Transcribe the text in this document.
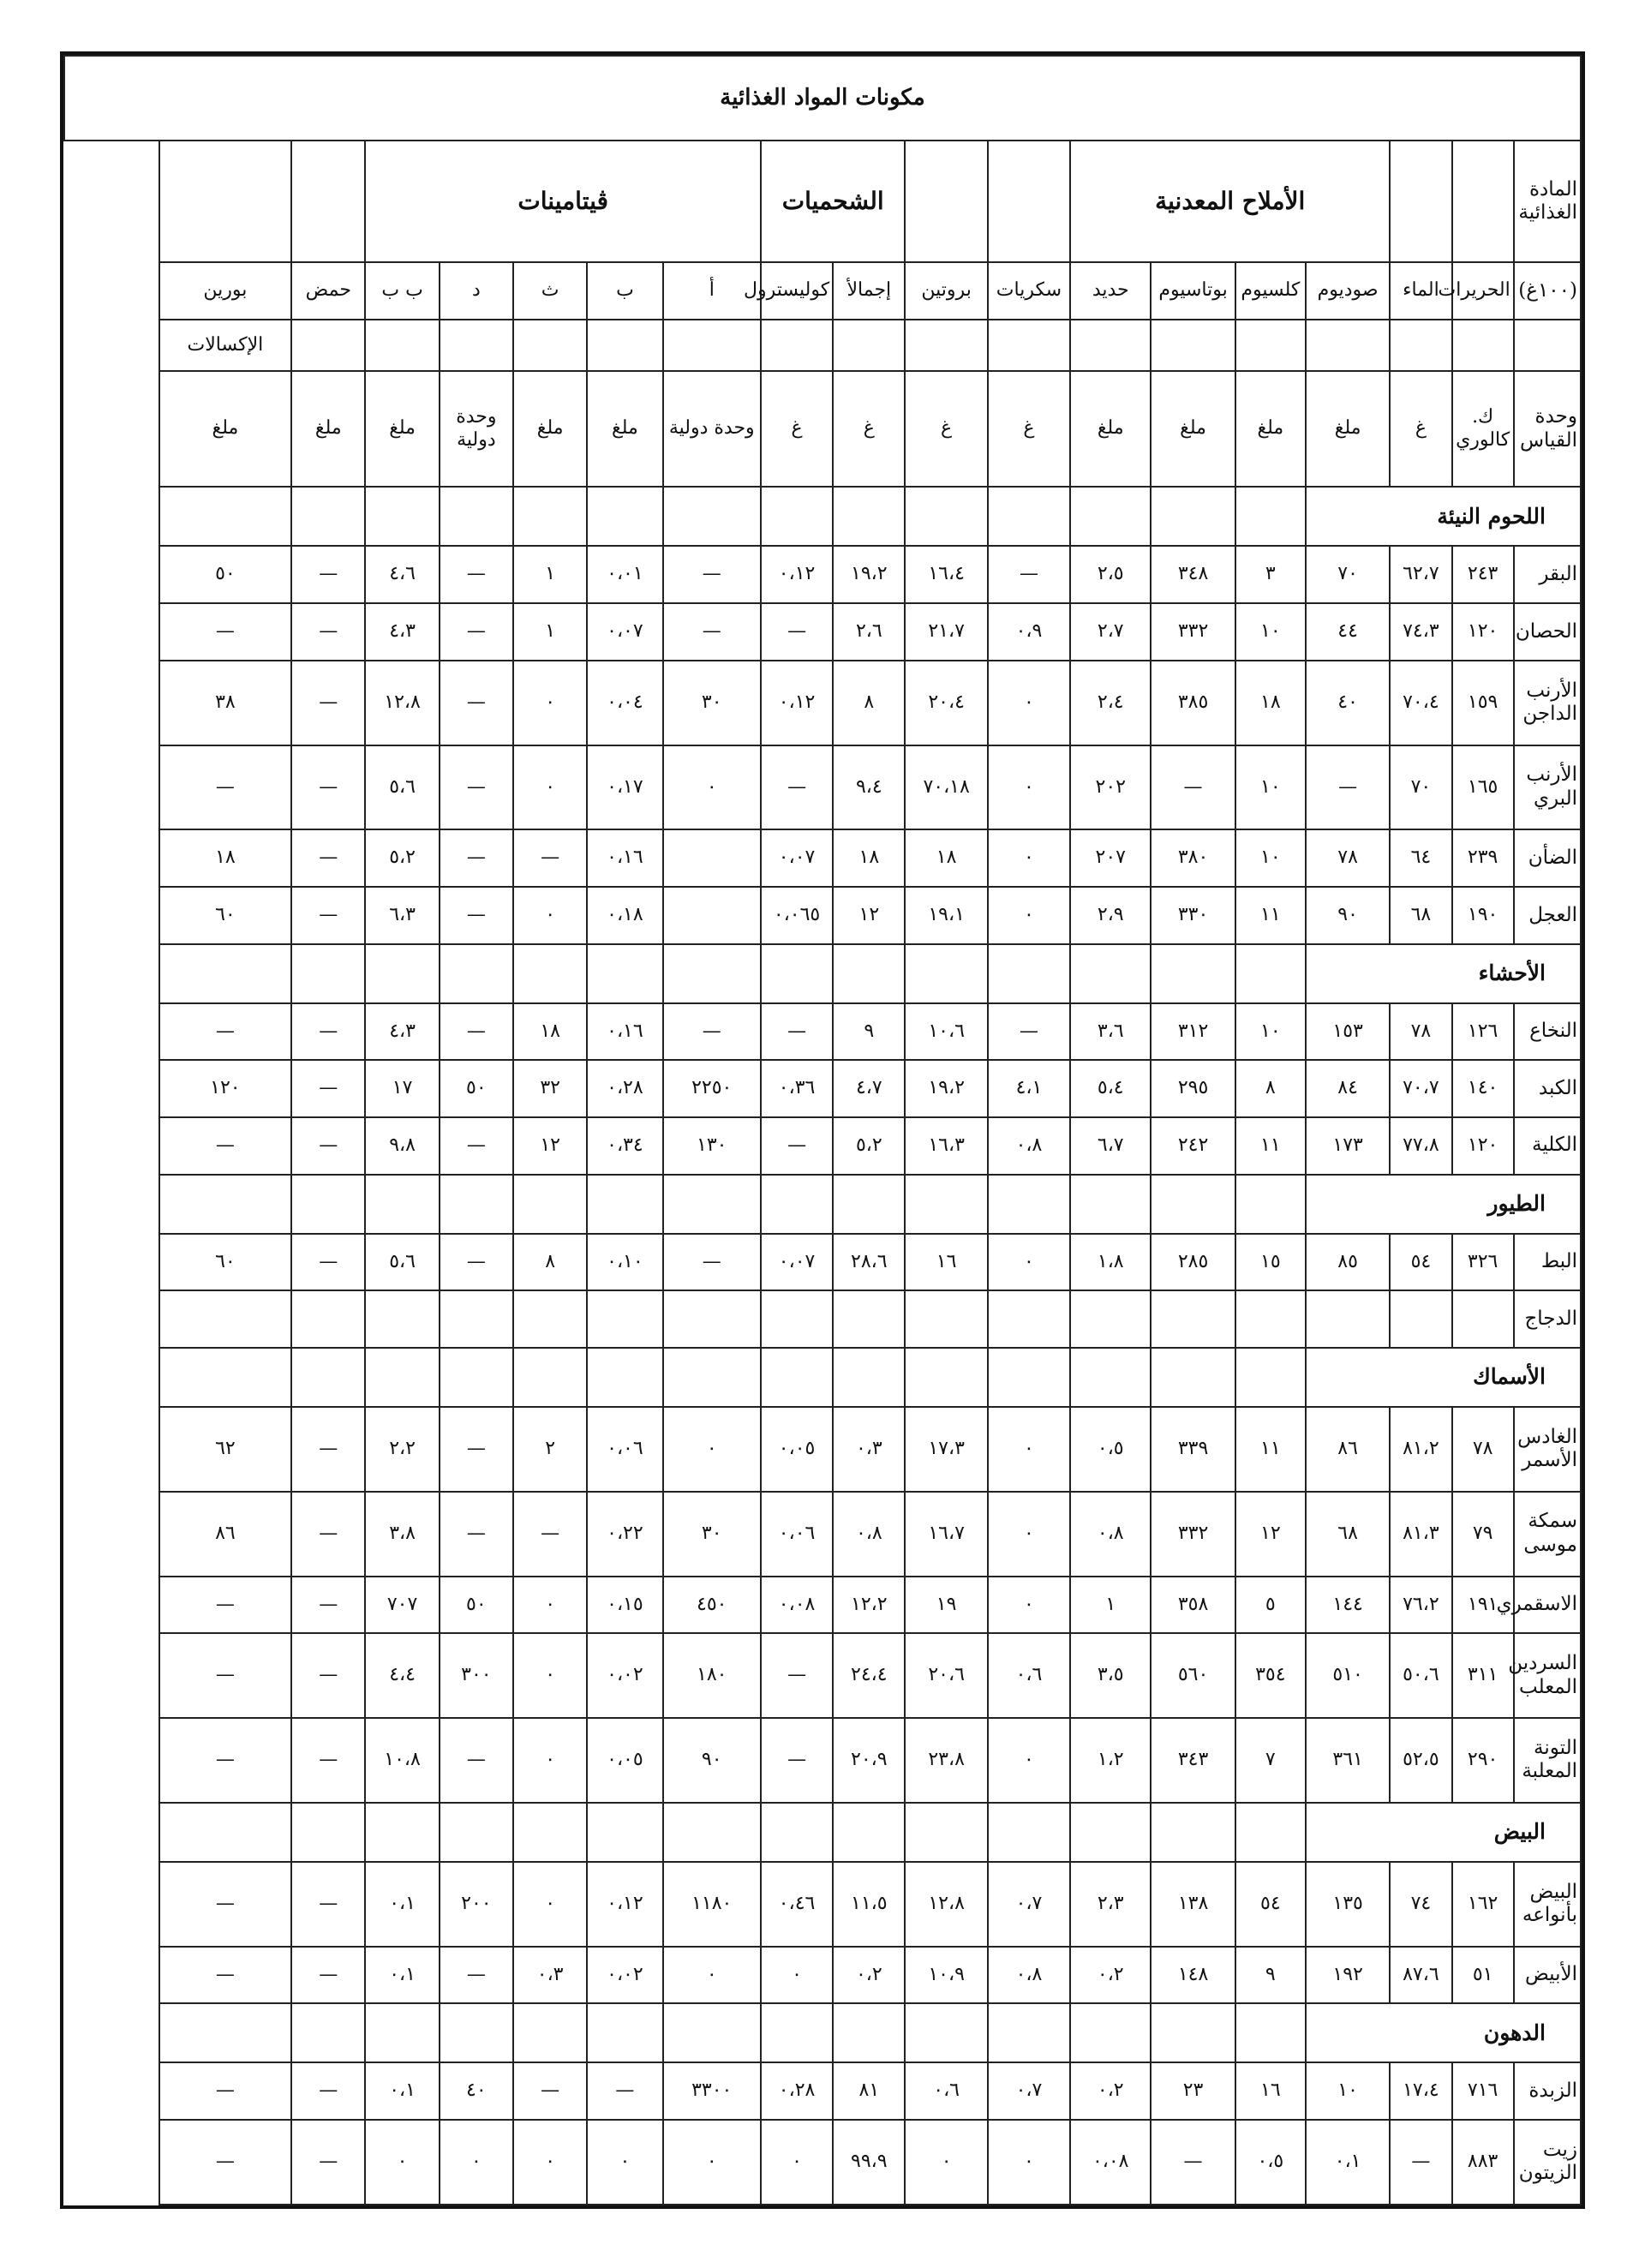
مكونات المواد الغذائية																	
المادة الغذائية			الأملاح المعدنية						الشحميات		ڤيتامينات						
(١٠٠غ)	الحريرات	الماء	صوديوم	كلسيوم	بوتاسيوم	حديد	سكريات	بروتين	إجمالأ	كوليسترول	أ	ب	ث	د	ب ب	حمض	بورين
																	الإكسالات
وحدة القياس	ك. كالوري	غ	ملغ	ملغ	ملغ	ملغ	غ	غ	غ	غ	وحدة دولية	ملغ	ملغ	وحدة دولية	ملغ	ملغ	ملغ
اللحوم النيئة																	
البقر	٢٤٣	٦٢،٧	٧٠	٣	٣٤٨	٢،٥	—	١٦،٤	١٩،٢	٠،١٢	—	٠،٠١	١	—	٤،٦	—	٥٠
الحصان	١٢٠	٧٤،٣	٤٤	١٠	٣٣٢	٢،٧	٠،٩	٢١،٧	٢،٦	—	—	٠،٠٧	١	—	٤،٣	—	—
الأرنب الداجن	١٥٩	٧٠،٤	٤٠	١٨	٣٨٥	٢،٤	٠	٢٠،٤	٨	٠،١٢	٣٠	٠،٠٤	٠	—	١٢،٨	—	٣٨
الأرنب البري	١٦٥	٧٠	—	١٠	—	٢٠٢	٠	٧٠،١٨	٩،٤	—	٠	٠،١٧	٠	—	٥،٦	—	—
الضأن	٢٣٩	٦٤	٧٨	١٠	٣٨٠	٢٠٧	٠	١٨	١٨	٠،٠٧		٠،١٦	—	—	٥،٢	—	١٨
العجل	١٩٠	٦٨	٩٠	١١	٣٣٠	٢،٩	٠	١٩،١	١٢	٠،٠٦٥		٠،١٨	٠	—	٦،٣	—	٦٠
الأحشاء																	
النخاع	١٢٦	٧٨	١٥٣	١٠	٣١٢	٣،٦	—	١٠،٦	٩	—	—	٠،١٦	١٨	—	٤،٣	—	—
الكبد	١٤٠	٧٠،٧	٨٤	٨	٢٩٥	٥،٤	٤،١	١٩،٢	٤،٧	٠،٣٦	٢٢٥٠	٠،٢٨	٣٢	٥٠	١٧	—	١٢٠
الكلية	١٢٠	٧٧،٨	١٧٣	١١	٢٤٢	٦،٧	٠،٨	١٦،٣	٥،٢	—	١٣٠	٠،٣٤	١٢	—	٩،٨	—	—
الطيور																	
البط	٣٢٦	٥٤	٨٥	١٥	٢٨٥	١،٨	٠	١٦	٢٨،٦	٠،٠٧	—	٠،١٠	٨	—	٥،٦	—	٦٠
الدجاج																	
الأسماك																	
الغادس الأسمر	٧٨	٨١،٢	٨٦	١١	٣٣٩	٠،٥	٠	١٧،٣	٠،٣	٠،٠٥	٠	٠،٠٦	٢	—	٢،٢	—	٦٢
سمكة موسى	٧٩	٨١،٣	٦٨	١٢	٣٣٢	٠،٨	٠	١٦،٧	٠،٨	٠،٠٦	٣٠	٠،٢٢	—	—	٣،٨	—	٨٦
الاسقمري	١٩١	٧٦،٢	١٤٤	٥	٣٥٨	١	٠	١٩	١٢،٢	٠،٠٨	٤٥٠	٠،١٥	٠	٥٠	٧٠٧	—	—
السردين المعلب	٣١١	٥٠،٦	٥١٠	٣٥٤	٥٦٠	٣،٥	٠،٦	٢٠،٦	٢٤،٤	—	١٨٠	٠،٠٢	٠	٣٠٠	٤،٤	—	—
التونة المعلبة	٢٩٠	٥٢،٥	٣٦١	٧	٣٤٣	١،٢	٠	٢٣،٨	٢٠،٩	—	٩٠	٠،٠٥	٠	—	١٠،٨	—	—
البيض																	
البيض بأنواعه	١٦٢	٧٤	١٣٥	٥٤	١٣٨	٢،٣	٠،٧	١٢،٨	١١،٥	٠،٤٦	١١٨٠	٠،١٢	٠	٢٠٠	٠،١	—	—
الأبيض	٥١	٨٧،٦	١٩٢	٩	١٤٨	٠،٢	٠،٨	١٠،٩	٠،٢	٠	٠	٠،٠٢	٠،٣	—	٠،١	—	—
الدهون																	
الزبدة	٧١٦	١٧،٤	١٠	١٦	٢٣	٠،٢	٠،٧	٠،٦	٨١	٠،٢٨	٣٣٠٠	—	—	٤٠	٠،١	—	—
زيت الزيتون	٨٨٣	—	٠،١	٠،٥	—	٠،٠٨	٠	٠	٩٩،٩	٠	٠	٠	٠	٠	٠	—	—
